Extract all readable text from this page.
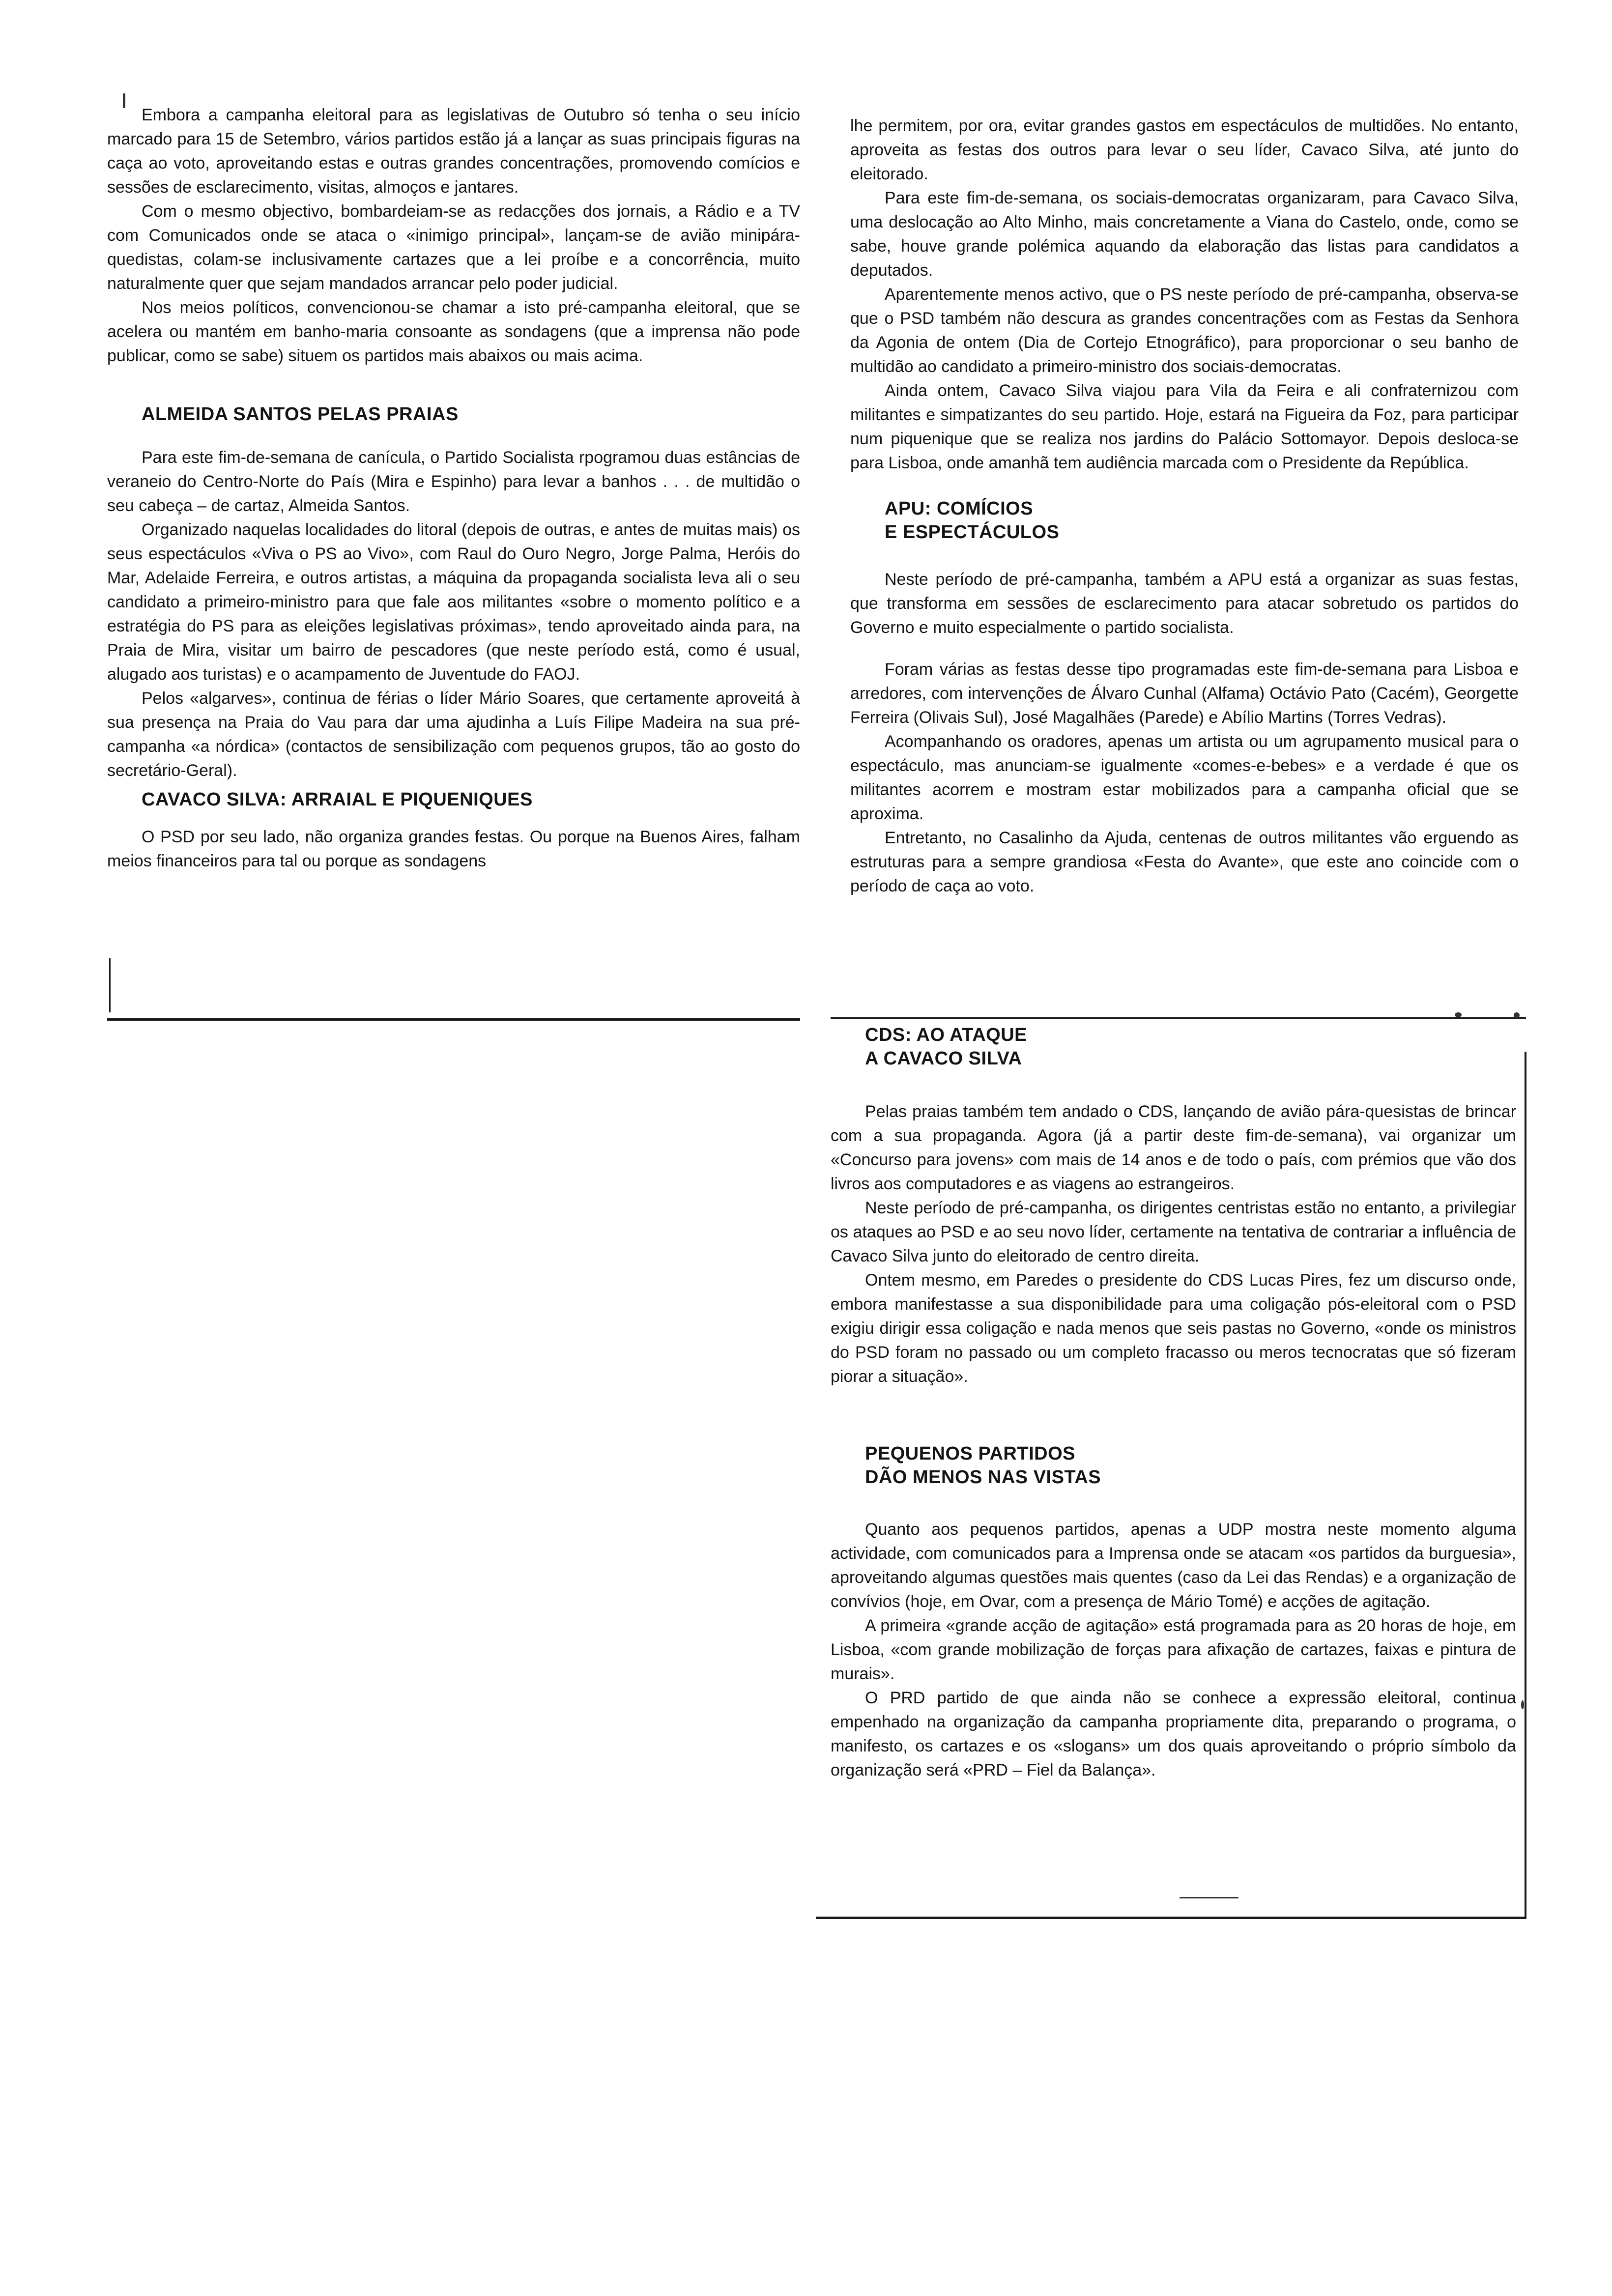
Embora a campanha eleitoral para as legislativas de Outubro só tenha o seu início marcado para 15 de Setembro, vários partidos estão já a lançar as suas principais figuras na caça ao voto, aproveitando estas e outras grandes concentrações, promovendo comícios e sessões de esclarecimento, visitas, almoços e jantares.

Com o mesmo objectivo, bombardeiam-se as redacções dos jornais, a Rádio e a TV com Comunicados onde se ataca o «inimigo principal», lançam-se de avião minipára-quedistas, colam-se inclusivamente cartazes que a lei proíbe e a concorrência, muito naturalmente quer que sejam mandados arrancar pelo poder judicial.

Nos meios políticos, convencionou-se chamar a isto pré-campanha eleitoral, que se acelera ou mantém em banho-maria consoante as sondagens (que a imprensa não pode publicar, como se sabe) situem os partidos mais abaixos ou mais acima.

ALMEIDA SANTOS PELAS PRAIAS

Para este fim-de-semana de canícula, o Partido Socialista rpogramou duas estâncias de veraneio do Centro-Norte do País (Mira e Espinho) para levar a banhos . . . de multidão o seu cabeça – de cartaz, Almeida Santos.

Organizado naquelas localidades do litoral (depois de outras, e antes de muitas mais) os seus espectáculos «Viva o PS ao Vivo», com Raul do Ouro Negro, Jorge Palma, Heróis do Mar, Adelaide Ferreira, e outros artistas, a máquina da propaganda socialista leva ali o seu candidato a primeiro-ministro para que fale aos militantes «sobre o momento político e a estratégia do PS para as eleições legislativas próximas», tendo aproveitado ainda para, na Praia de Mira, visitar um bairro de pescadores (que neste período está, como é usual, alugado aos turistas) e o acampamento de Juventude do FAOJ.

Pelos «algarves», continua de férias o líder Mário Soares, que certamente aproveitá à sua presença na Praia do Vau para dar uma ajudinha a Luís Filipe Madeira na sua pré-campanha «a nórdica» (contactos de sensibilização com pequenos grupos, tão ao gosto do secretário-Geral).

CAVACO SILVA: ARRAIAL E PIQUENIQUES

O PSD por seu lado, não organiza grandes festas. Ou porque na Buenos Aires, falham meios financeiros para tal ou porque as sondagens

lhe permitem, por ora, evitar grandes gastos em espectáculos de multidões. No entanto, aproveita as festas dos outros para levar o seu líder, Cavaco Silva, até junto do eleitorado.

Para este fim-de-semana, os sociais-democratas organizaram, para Cavaco Silva, uma deslocação ao Alto Minho, mais concretamente a Viana do Castelo, onde, como se sabe, houve grande polémica aquando da elaboração das listas para candidatos a deputados.

Aparentemente menos activo, que o PS neste período de pré-campanha, observa-se que o PSD também não descura as grandes concentrações com as Festas da Senhora da Agonia de ontem (Dia de Cortejo Etnográfico), para proporcionar o seu banho de multidão ao candidato a primeiro-ministro dos sociais-democratas.

Ainda ontem, Cavaco Silva viajou para Vila da Feira e ali confraternizou com militantes e simpatizantes do seu partido. Hoje, estará na Figueira da Foz, para participar num piquenique que se realiza nos jardins do Palácio Sottomayor. Depois desloca-se para Lisboa, onde amanhã tem audiência marcada com o Presidente da República.

APU: COMÍCIOS

E ESPECTÁCULOS

Neste período de pré-campanha, também a APU está a organizar as suas festas, que transforma em sessões de esclarecimento para atacar sobretudo os partidos do Governo e muito especialmente o partido socialista.

Foram várias as festas desse tipo programadas este fim-de-semana para Lisboa e arredores, com intervenções de Álvaro Cunhal (Alfama) Octávio Pato (Cacém), Georgette Ferreira (Olivais Sul), José Magalhães (Parede) e Abílio Martins (Torres Vedras).

Acompanhando os oradores, apenas um artista ou um agrupamento musical para o espectáculo, mas anunciam-se igualmente «comes-e-bebes» e a verdade é que os militantes acorrem e mostram estar mobilizados para a campanha oficial que se aproxima.

Entretanto, no Casalinho da Ajuda, centenas de outros militantes vão erguendo as estruturas para a sempre grandiosa «Festa do Avante», que este ano coincide com o período de caça ao voto.

CDS: AO ATAQUE

A CAVACO SILVA

Pelas praias também tem andado o CDS, lançando de avião pára-quesistas de brincar com a sua propaganda. Agora (já a partir deste fim-de-semana), vai organizar um «Concurso para jovens» com mais de 14 anos e de todo o país, com prémios que vão dos livros aos computadores e as viagens ao estrangeiros.

Neste período de pré-campanha, os dirigentes centristas estão no entanto, a privilegiar os ataques ao PSD e ao seu novo líder, certamente na tentativa de contrariar a influência de Cavaco Silva junto do eleitorado de centro direita.

Ontem mesmo, em Paredes o presidente do CDS Lucas Pires, fez um discurso onde, embora manifestasse a sua disponibilidade para uma coligação pós-eleitoral com o PSD exigiu dirigir essa coligação e nada menos que seis pastas no Governo, «onde os ministros do PSD foram no passado ou um completo fracasso ou meros tecnocratas que só fizeram piorar a situação».

PEQUENOS PARTIDOS

DÃO MENOS NAS VISTAS

Quanto aos pequenos partidos, apenas a UDP mostra neste momento alguma actividade, com comunicados para a Imprensa onde se atacam «os partidos da burguesia», aproveitando algumas questões mais quentes (caso da Lei das Rendas) e a organização de convívios (hoje, em Ovar, com a presença de Mário Tomé) e acções de agitação.

A primeira «grande acção de agitação» está programada para as 20 horas de hoje, em Lisboa, «com grande mobilização de forças para afixação de cartazes, faixas e pintura de murais».

O PRD partido de que ainda não se conhece a expressão eleitoral, continua empenhado na organização da campanha propriamente dita, preparando o programa, o manifesto, os cartazes e os «slogans» um dos quais aproveitando o próprio símbolo da organização será «PRD – Fiel da Balança».
